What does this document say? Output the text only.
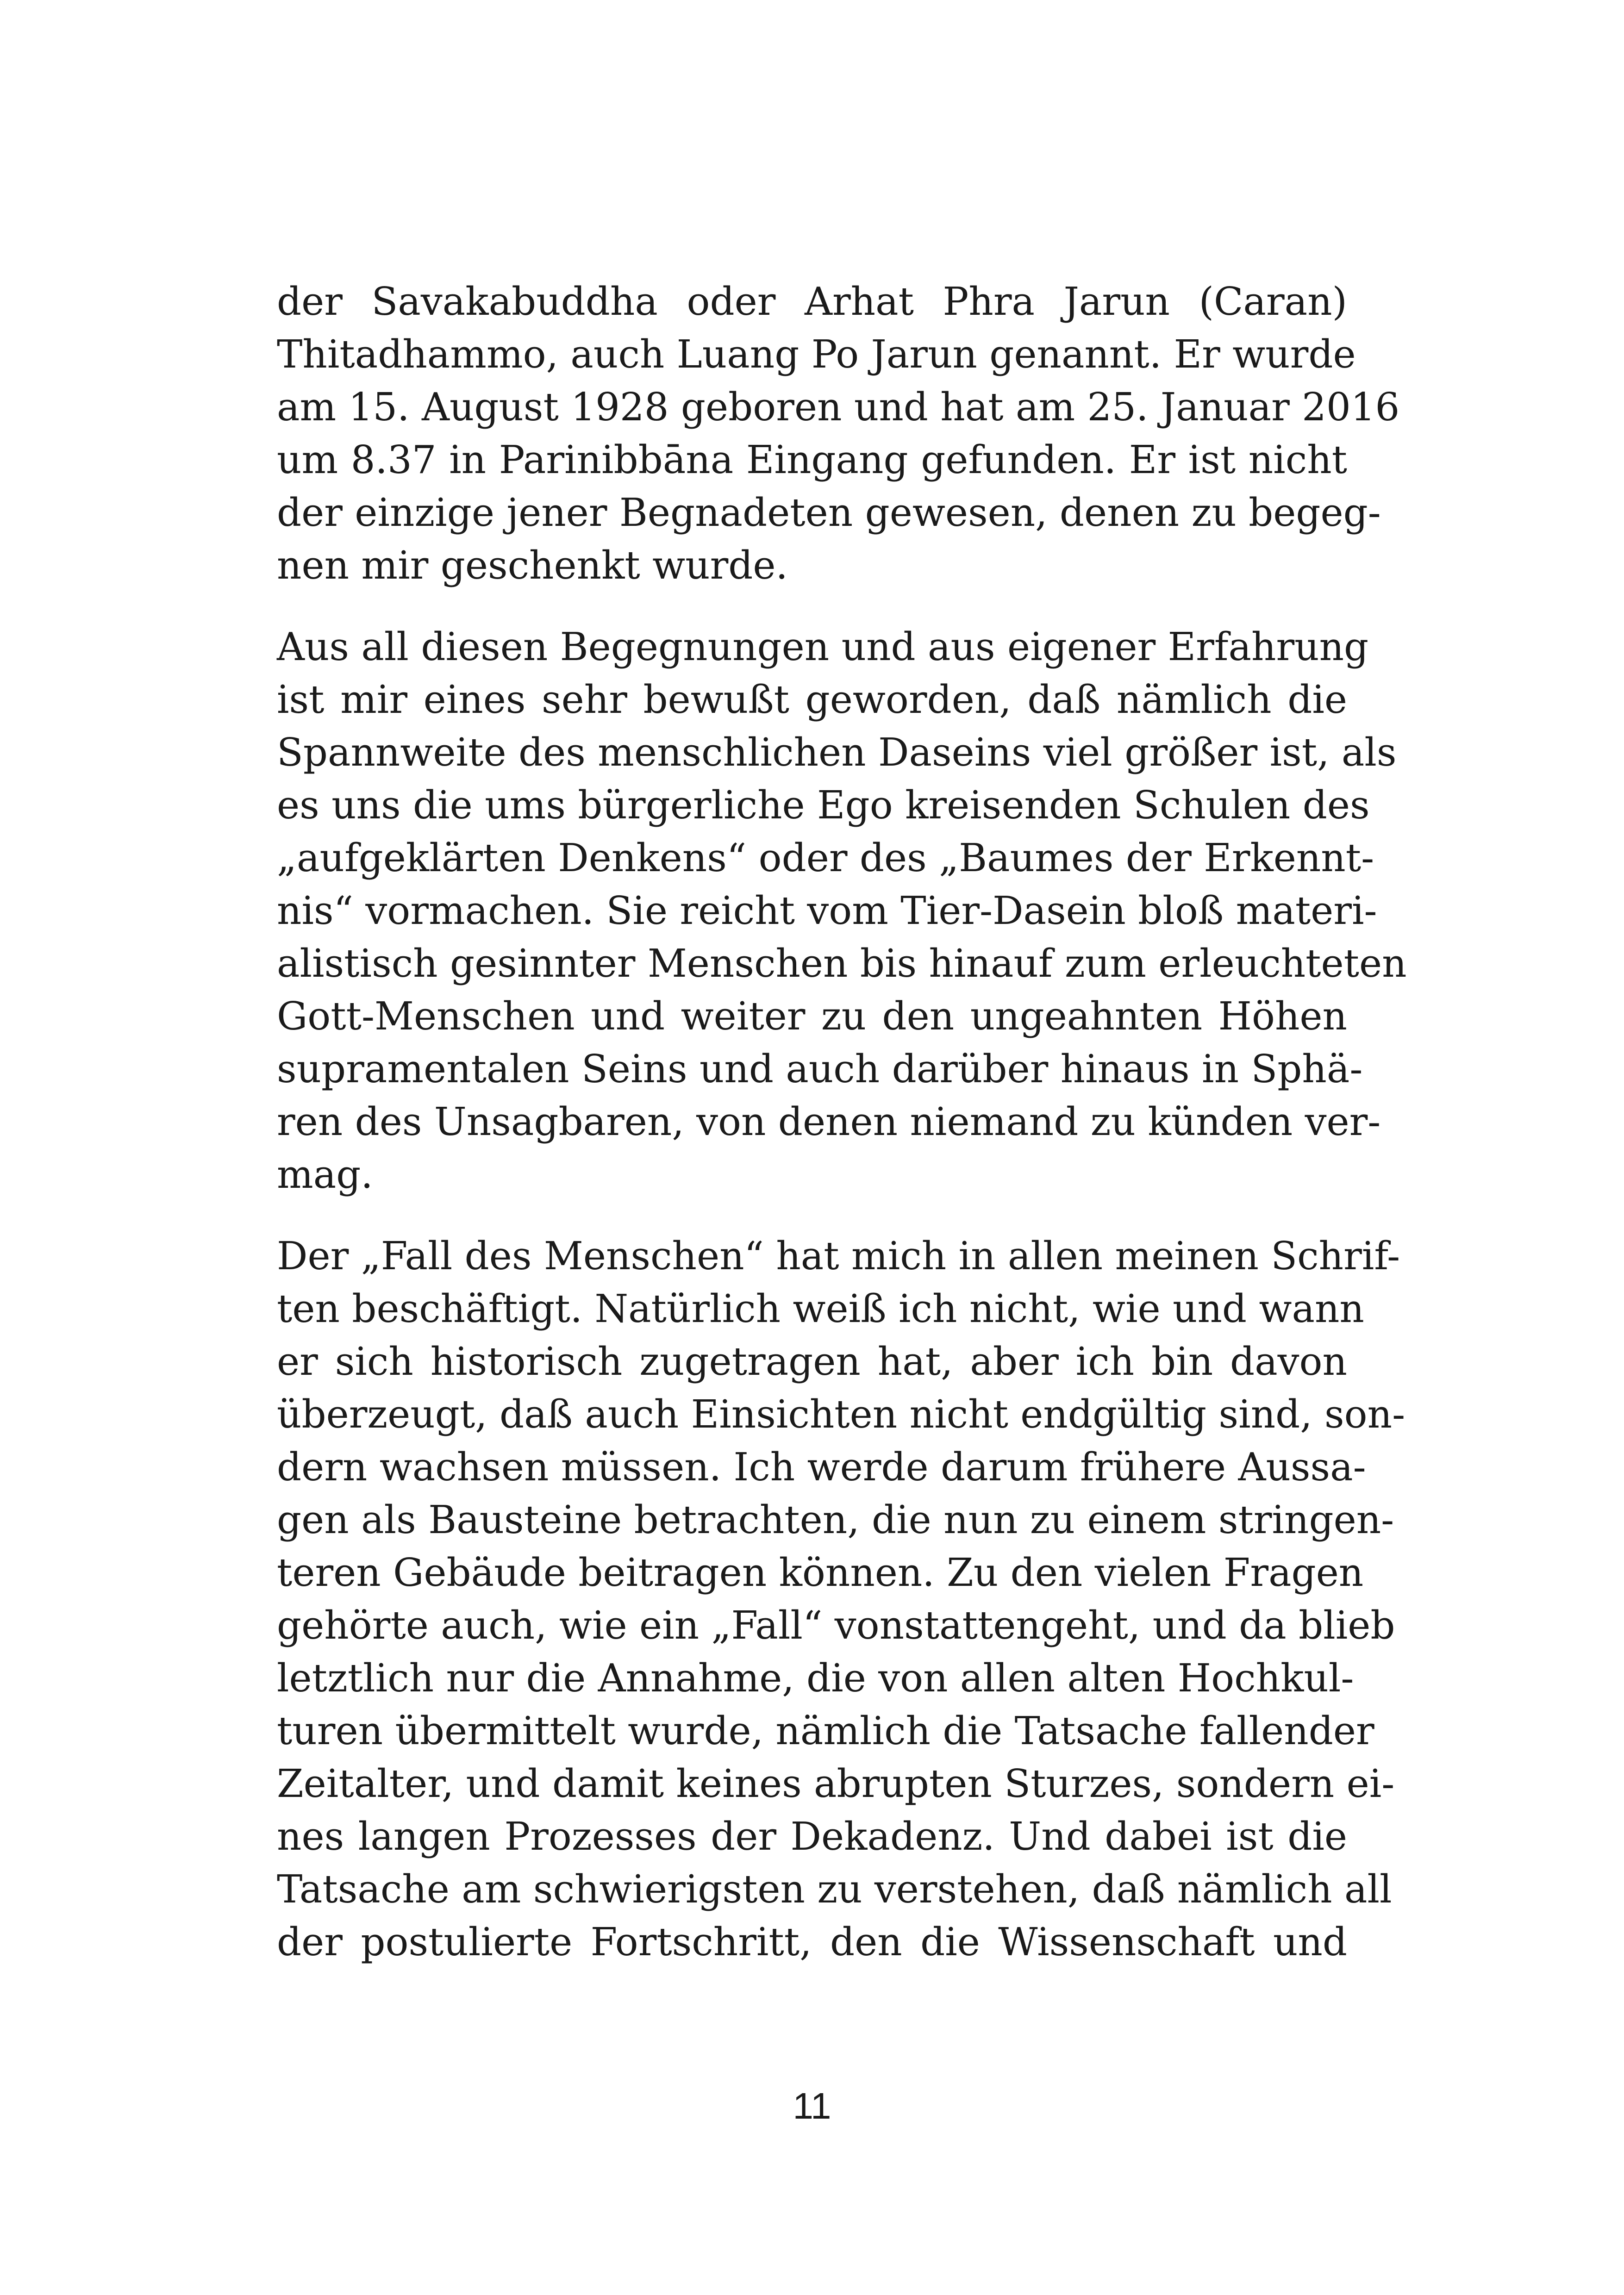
der Savakabuddha oder Arhat Phra Jarun (Caran)
Thitadhammo, auch Luang Po Jarun genannt. Er wurde
am 15. August 1928 geboren und hat am 25. Januar 2016
um 8.37 in Parinibbāna Eingang gefunden. Er ist nicht
der einzige jener Begnadeten gewesen, denen zu begeg-
nen mir geschenkt wurde.
Aus all diesen Begegnungen und aus eigener Erfahrung
ist mir eines sehr bewußt geworden, daß nämlich die
Spannweite des menschlichen Daseins viel größer ist, als
es uns die ums bürgerliche Ego kreisenden Schulen des
„aufgeklärten Denkens“ oder des „Baumes der Erkennt-
nis“ vormachen. Sie reicht vom Tier-Dasein bloß materi-
alistisch gesinnter Menschen bis hinauf zum erleuchteten
Gott-Menschen und weiter zu den ungeahnten Höhen
supramentalen Seins und auch darüber hinaus in Sphä-
ren des Unsagbaren, von denen niemand zu künden ver-
mag.
Der „Fall des Menschen“ hat mich in allen meinen Schrif-
ten beschäftigt. Natürlich weiß ich nicht, wie und wann
er sich historisch zugetragen hat, aber ich bin davon
überzeugt, daß auch Einsichten nicht endgültig sind, son-
dern wachsen müssen. Ich werde darum frühere Aussa-
gen als Bausteine betrachten, die nun zu einem stringen-
teren Gebäude beitragen können. Zu den vielen Fragen
gehörte auch, wie ein „Fall“ vonstattengeht, und da blieb
letztlich nur die Annahme, die von allen alten Hochkul-
turen übermittelt wurde, nämlich die Tatsache fallender
Zeitalter, und damit keines abrupten Sturzes, sondern ei-
nes langen Prozesses der Dekadenz. Und dabei ist die
Tatsache am schwierigsten zu verstehen, daß nämlich all
der postulierte Fortschritt, den die Wissenschaft und
11
